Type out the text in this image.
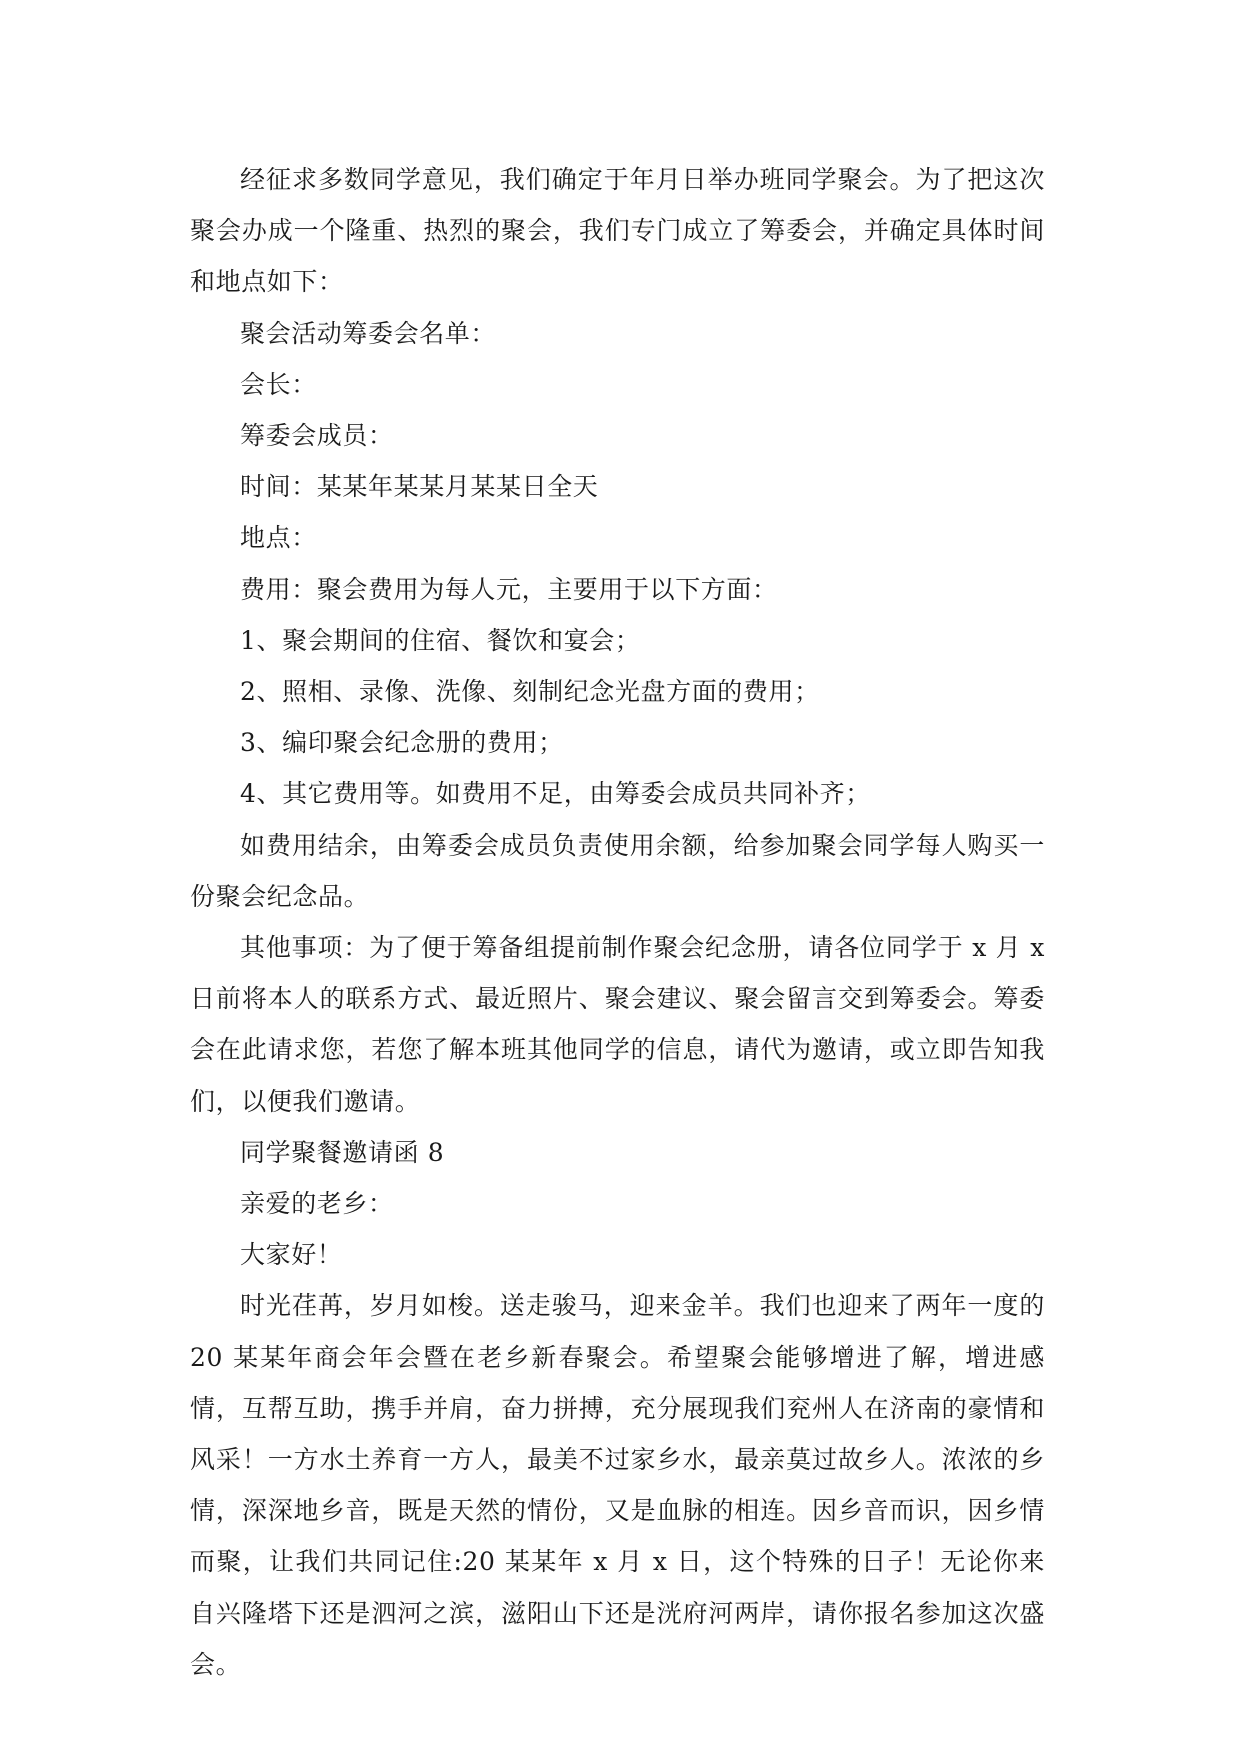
经征求多数同学意见，我们确定于年月日举办班同学聚会。为了把这次聚会办成一个隆重、热烈的聚会，我们专门成立了筹委会，并确定具体时间和地点如下：

聚会活动筹委会名单：

会长：

筹委会成员：

时间：某某年某某月某某日全天

地点：

费用：聚会费用为每人元，主要用于以下方面：

1、聚会期间的住宿、餐饮和宴会；

2、照相、录像、洗像、刻制纪念光盘方面的费用；

3、编印聚会纪念册的费用；

4、其它费用等。如费用不足，由筹委会成员共同补齐；

如费用结余，由筹委会成员负责使用余额，给参加聚会同学每人购买一份聚会纪念品。

其他事项：为了便于筹备组提前制作聚会纪念册，请各位同学于 x 月 x 日前将本人的联系方式、最近照片、聚会建议、聚会留言交到筹委会。筹委会在此请求您，若您了解本班其他同学的信息，请代为邀请，或立即告知我们，以便我们邀请。

同学聚餐邀请函 8

亲爱的老乡：

大家好！

时光荏苒，岁月如梭。送走骏马，迎来金羊。我们也迎来了两年一度的 20 某某年商会年会暨在老乡新春聚会。希望聚会能够增进了解，增进感情，互帮互助，携手并肩，奋力拼搏，充分展现我们兖州人在济南的豪情和风采！一方水土养育一方人，最美不过家乡水，最亲莫过故乡人。浓浓的乡情，深深地乡音，既是天然的情份，又是血脉的相连。因乡音而识，因乡情而聚，让我们共同记住:20 某某年 x 月 x 日，这个特殊的日子！无论你来自兴隆塔下还是泗河之滨，滋阳山下还是洸府河两岸，请你报名参加这次盛会。
